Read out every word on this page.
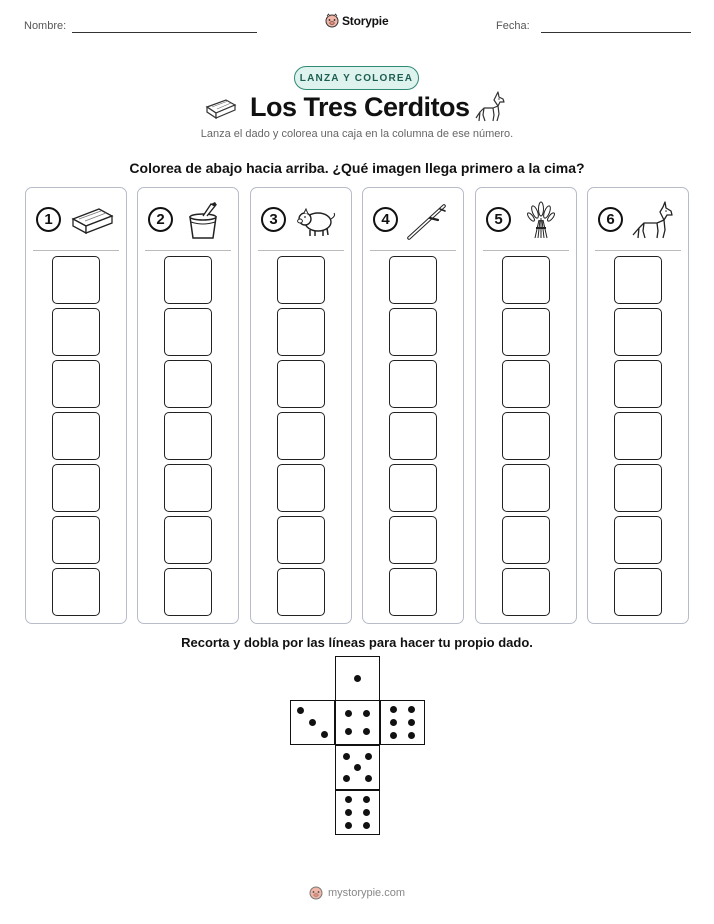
Nombre:	Storypie	Fecha:
LANZA Y COLOREA
Los Tres Cerditos
Lanza el dado y colorea una caja en la columna de ese número.
Colorea de abajo hacia arriba. ¿Qué imagen llega primero a la cima?
1	2	3	4	5	6
Recorta y dobla por las líneas para hacer tu propio dado.
mystorypie.com
